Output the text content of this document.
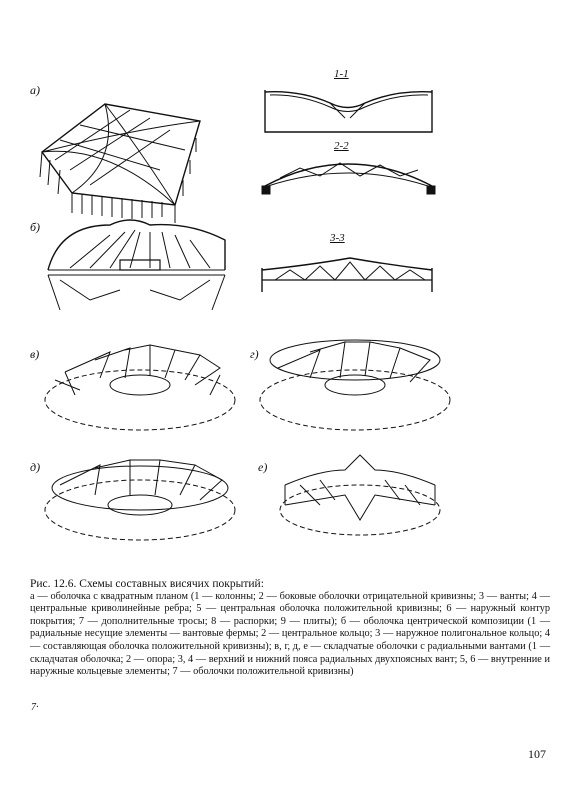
а)
б)
в)	г)
д)	е)
1-1
2-2
3-3
Рис. 12.6. Схемы составных висячих покрытий:
а — оболочка с квадратным планом (1 — колонны; 2 — боковые оболочки отрицательной кривизны; 3 — ванты; 4 — центральные криволинейные ребра; 5 — центральная оболочка положительной кривизны; 6 — наружный контур покрытия; 7 — дополнительные тросы; 8 — распорки; 9 — плиты); б — оболочка центрической композиции (1 — радиальные несущие элементы — вантовые фермы; 2 — центральное кольцо; 3 — наружное полигональное кольцо; 4 — составляющая оболочка положительной кривизны); в, г, д, е — складчатые оболочки с радиальными вантами (1 — складчатая оболочка; 2 — опора; 3, 4 — верхний и нижний пояса радиальных двухпоясных вант; 5, 6 — внутренние и наружные кольцевые элементы; 7 — оболочки положительной кривизны)
7·
107
